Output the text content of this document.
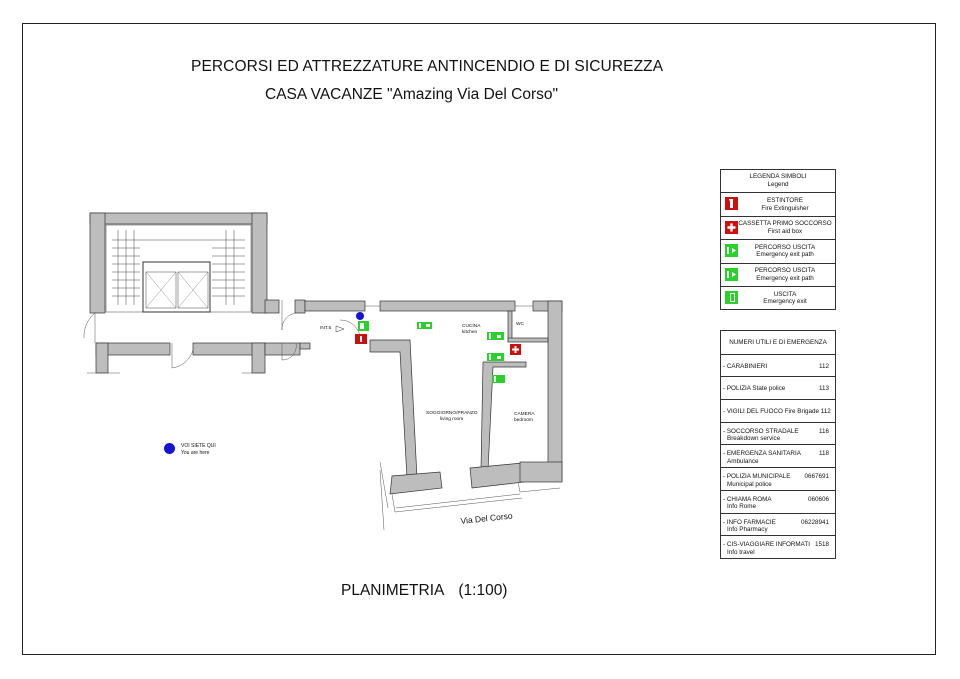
PERCORSI ED ATTREZZATURE ANTINCENDIO E DI SICUREZZA
CASA VACANZE "Amazing Via Del Corso"
CUCINA
kitchen
WC
SOGGIORNO/PRANZO
living room
CAMERA
bedroom
INT.5
VOI SIETE QUI
You are here
Via Del Corso
PLANIMETRIA (1:100)
LEGENDA SIMBOLI
Legend
ESTINTORE
Fire Extinguisher
CASSETTA PRIMO SOCCORSO
First aid box
PERCORSO USCITA
Emergency exit path
PERCORSO USCITA
Emergency exit path
USCITA
Emergency exit
NUMERI UTILI E DI EMERGENZA
- CARABINIERI	112
- POLIZIA State police	113
- VIGILI DEL FUOCO Fire Brigade 112
- SOCCORSO STRADALE
Breakdown service
116
- EMERGENZA SANITARIA
Ambulance
118
- POLIZIA MUNICIPALE
Municipal police
0667691
- CHIAMA ROMA
Info Rome
060606
- INFO FARMACIE
Info Pharmacy
06228941
- CIS-VIAGGIARE INFORMATI
Info travel
1518
